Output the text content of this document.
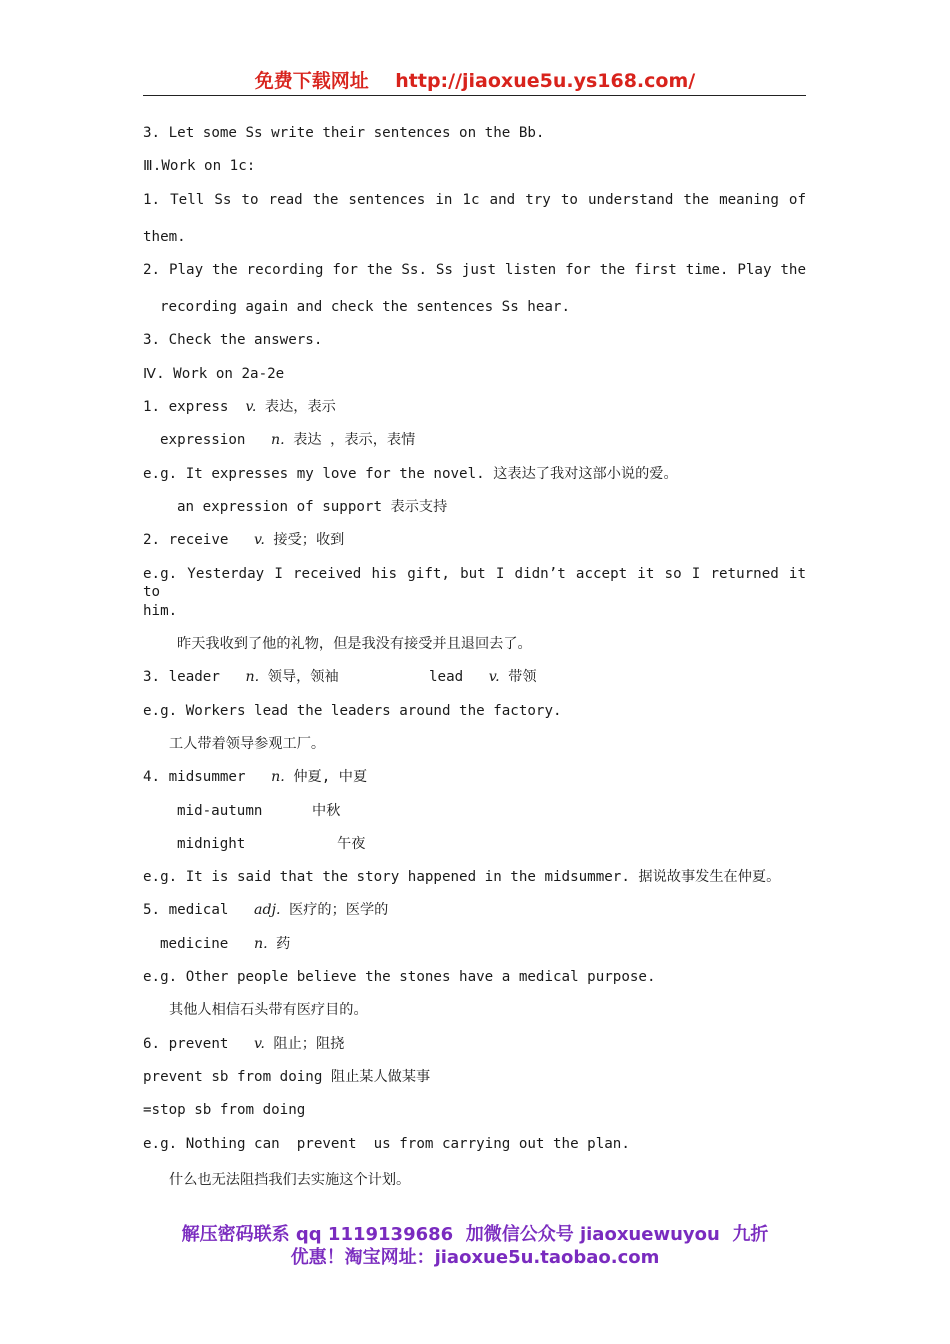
免费下载网址 http://jiaoxue5u.ys168.com/
3. Let some Ss write their sentences on the Bb.
Ⅲ.Work on 1c:
1. Tell Ss to read the sentences in 1c and try to understand the meaning of
them.
2. Play the recording for the Ss. Ss just listen for the first time. Play the
recording again and check the sentences Ss hear.
3. Check the answers.
Ⅳ. Work on 2a-2e
1. express  v. 表达，表示
expression   n. 表达 ，表示，表情
e.g. It expresses my love for the novel. 这表达了我对这部小说的爱。
an expression of support 表示支持
2. receive   v. 接受；收到
e.g. Yesterday I received his gift, but I didn’t accept it so I returned it to
him.
昨天我收到了他的礼物，但是我没有接受并且退回去了。
3. leader   n. 领导，领袖	lead   v. 带领
e.g. Workers lead the leaders around the factory.
工人带着领导参观工厂。
4. midsummer   n. 仲夏, 中夏
mid-autumn	中秋
midnight	午夜
e.g. It is said that the story happened in the midsummer. 据说故事发生在仲夏。
5. medical   adj. 医疗的；医学的
medicine   n. 药
e.g. Other people believe the stones have a medical purpose.
其他人相信石头带有医疗目的。
6. prevent   v. 阻止；阻挠
prevent sb from doing 阻止某人做某事
=stop sb from doing
e.g. Nothing can  prevent  us from carrying out the plan.
什么也无法阻挡我们去实施这个计划。
解压密码联系 qq 1119139686  加微信公众号 jiaoxuewuyou  九折
优惠！淘宝网址：jiaoxue5u.taobao.com
